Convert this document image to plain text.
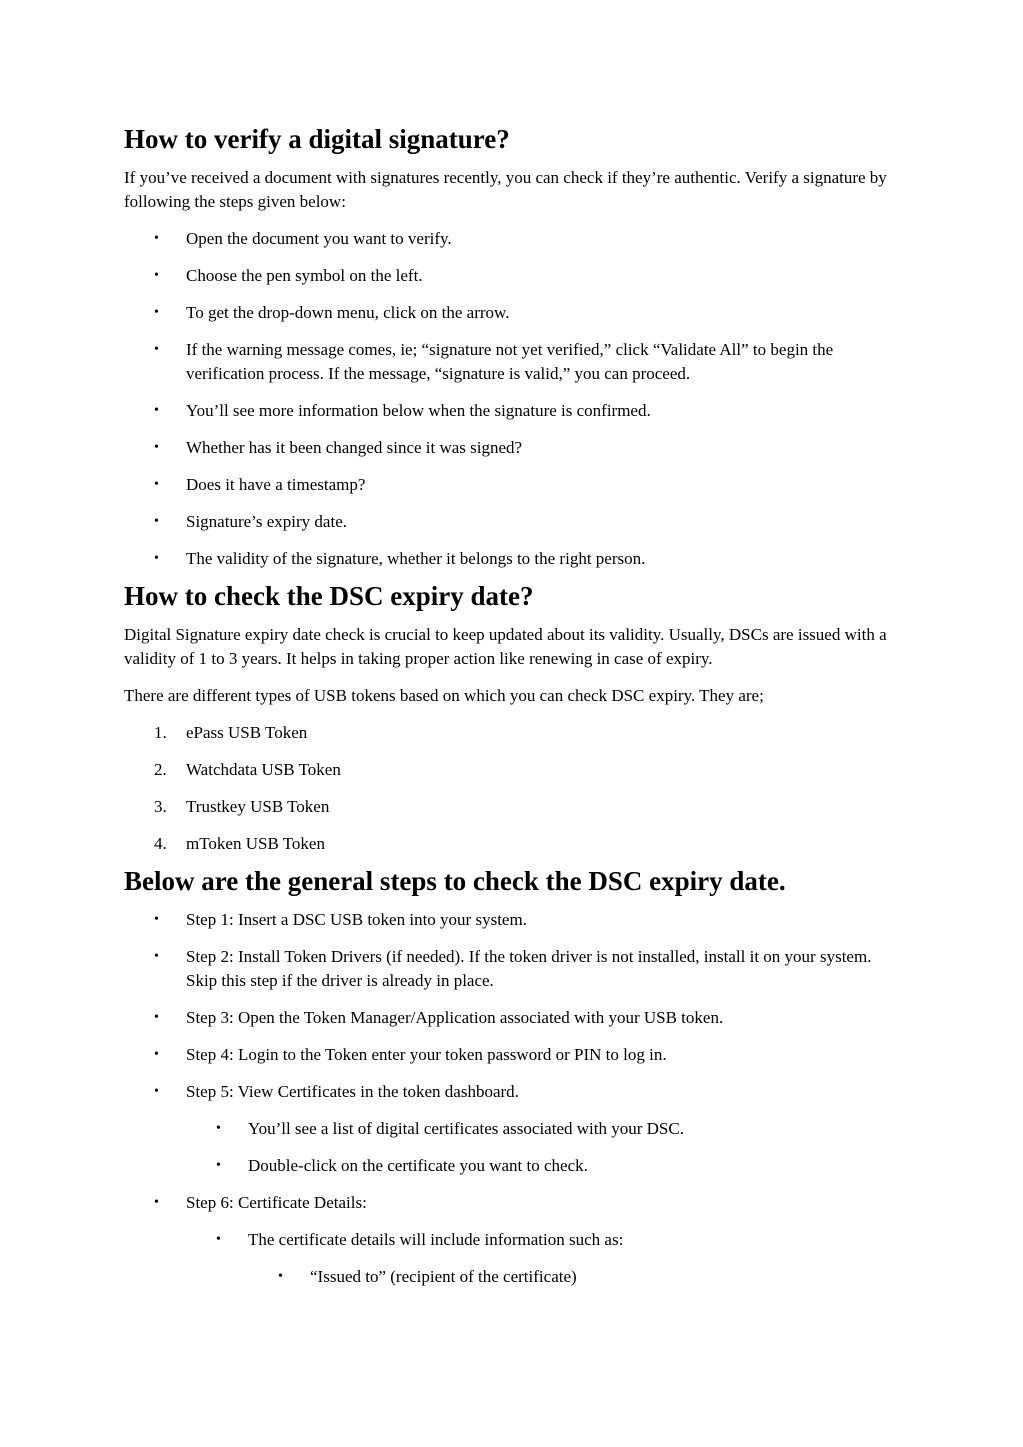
How to verify a digital signature?

If you’ve received a document with signatures recently, you can check if they’re authentic. Verify a signature by following the steps given below:

• Open the document you want to verify.
• Choose the pen symbol on the left.
• To get the drop-down menu, click on the arrow.
• If the warning message comes, ie; “signature not yet verified,” click “Validate All” to begin the verification process. If the message, “signature is valid,” you can proceed.
• You’ll see more information below when the signature is confirmed.
• Whether has it been changed since it was signed?
• Does it have a timestamp?
• Signature’s expiry date.
• The validity of the signature, whether it belongs to the right person.
How to check the DSC expiry date?

Digital Signature expiry date check is crucial to keep updated about its validity. Usually, DSCs are issued with a validity of 1 to 3 years. It helps in taking proper action like renewing in case of expiry.

There are different types of USB tokens based on which you can check DSC expiry. They are;

1. ePass USB Token
2. Watchdata USB Token
3. Trustkey USB Token
4. mToken USB Token
Below are the general steps to check the DSC expiry date.
• Step 1: Insert a DSC USB token into your system.
• Step 2: Install Token Drivers (if needed). If the token driver is not installed, install it on your system. Skip this step if the driver is already in place.
• Step 3: Open the Token Manager/Application associated with your USB token.
• Step 4: Login to the Token enter your token password or PIN to log in.
• Step 5: View Certificates in the token dashboard.
• You’ll see a list of digital certificates associated with your DSC.
• Double-click on the certificate you want to check.
• Step 6: Certificate Details:
• The certificate details will include information such as:
• “Issued to” (recipient of the certificate)
